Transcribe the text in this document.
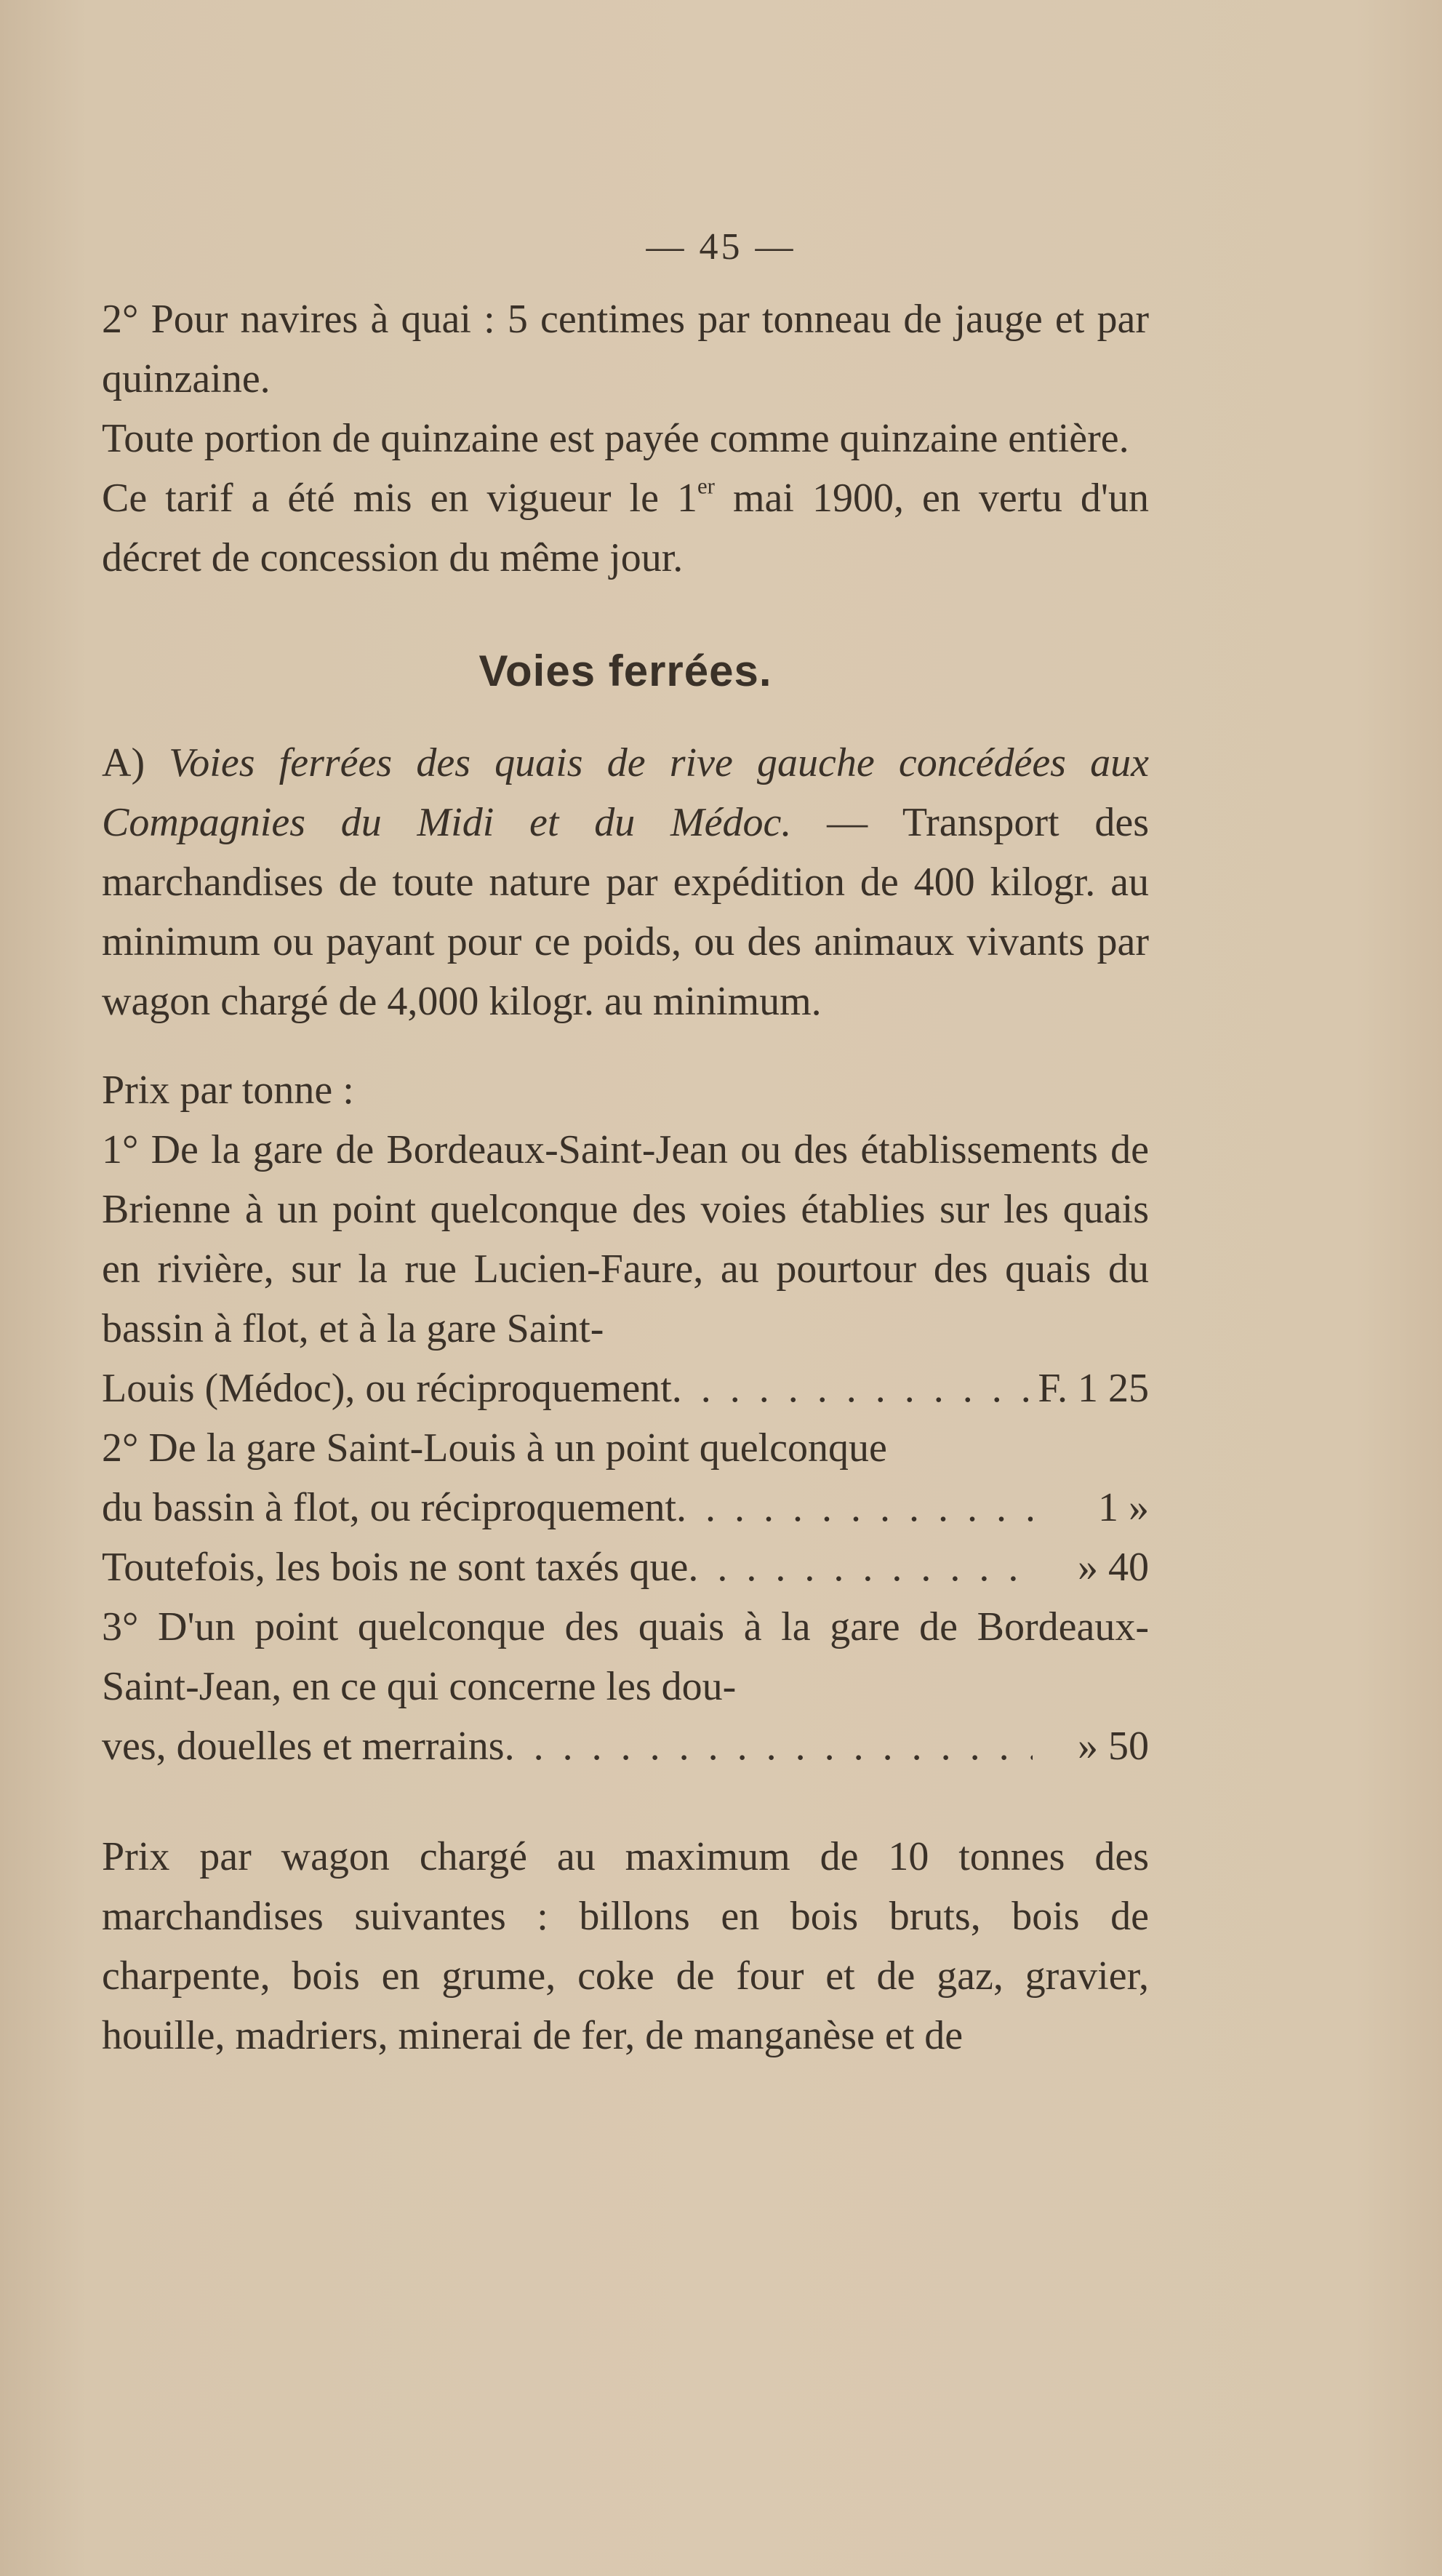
— 45 —

2° Pour navires à quai : 5 centimes par tonneau de jauge et par quinzaine.

Toute portion de quinzaine est payée comme quinzaine entière.

Ce tarif a été mis en vigueur le 1er mai 1900, en vertu d'un décret de concession du même jour.

Voies ferrées.

A) Voies ferrées des quais de rive gauche concédées aux Compagnies du Midi et du Médoc. — Transport des marchandises de toute nature par expédition de 400 kilogr. au minimum ou payant pour ce poids, ou des animaux vivants par wagon chargé de 4,000 kilogr. au minimum.

Prix par tonne :

1° De la gare de Bordeaux-Saint-Jean ou des établissements de Brienne à un point quelconque des voies établies sur les quais en rivière, sur la rue Lucien-Faure, au pourtour des quais du bassin à flot, et à la gare Saint-

Louis (Médoc), ou réciproquement . . .	F. 1 25

2° De la gare Saint-Louis à un point quelconque

du bassin à flot, ou réciproquement . . .	1 »
Toutefois, les bois ne sont taxés que . . .	» 40

3° D'un point quelconque des quais à la gare de Bordeaux-Saint-Jean, en ce qui concerne les dou-

ves, douelles et merrains . . .	» 50

Prix par wagon chargé au maximum de 10 tonnes des marchandises suivantes : billons en bois bruts, bois de charpente, bois en grume, coke de four et de gaz, gravier, houille, madriers, minerai de fer, de manganèse et de
